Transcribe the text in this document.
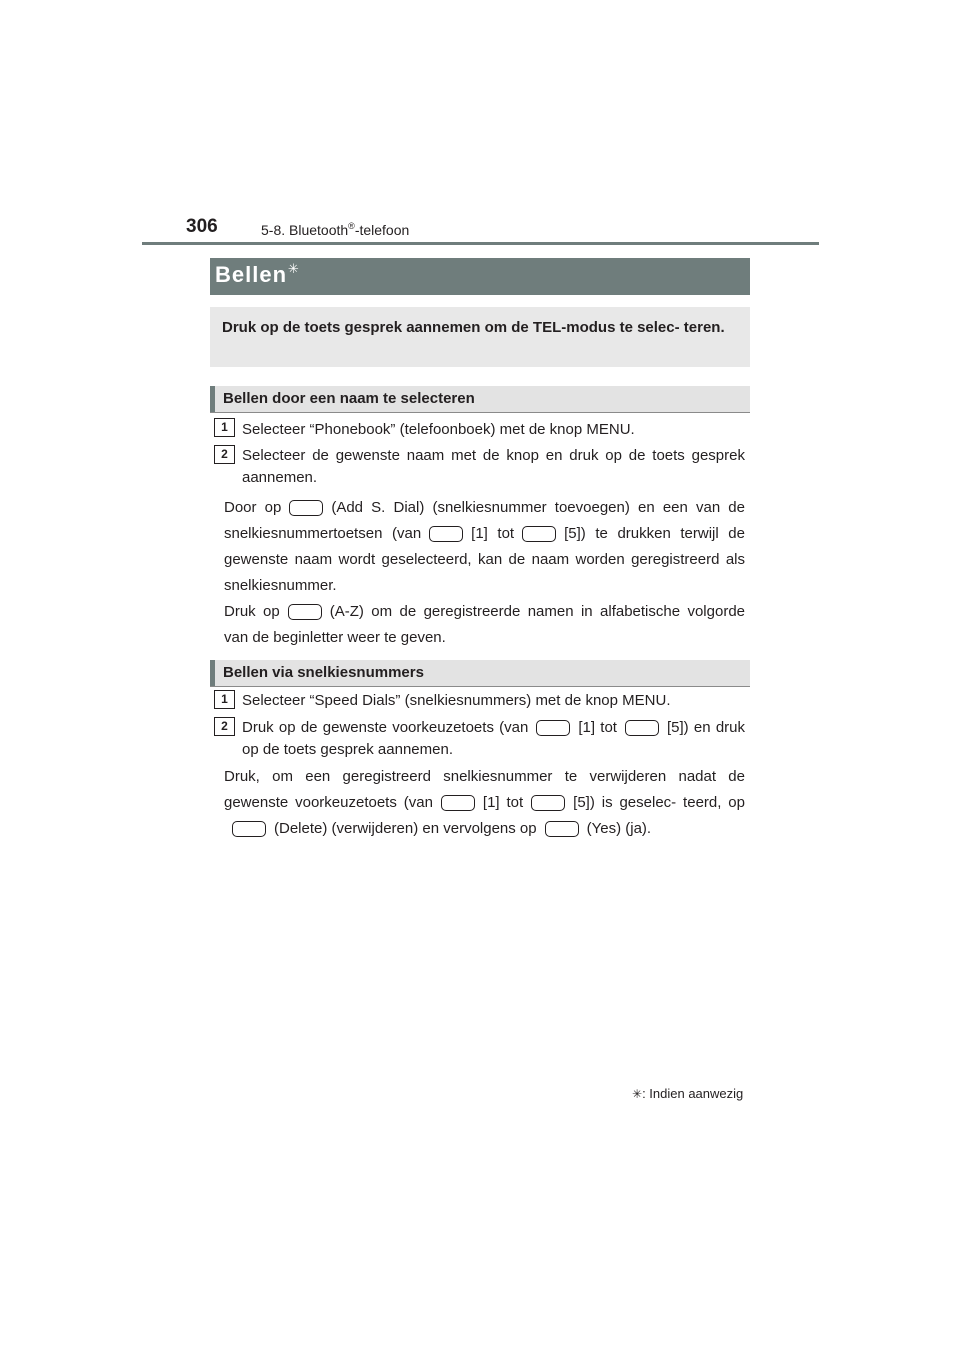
306	5-8. Bluetooth®-telefoon
Bellen✳
Druk op de toets gesprek aannemen om de TEL-modus te selec- teren.
Bellen door een naam te selecteren
1 Selecteer “Phonebook” (telefoonboek) met de knop MENU.
2 Selecteer de gewenste naam met de knop en druk op de toets gesprek aannemen.
Door op	(Add S. Dial) (snelkiesnummer toevoegen) en een van de snelkiesnummertoetsen (van	[1] tot	[5]) te drukken terwijl de gewenste naam wordt geselecteerd, kan de naam worden geregistreerd als snelkiesnummer.
Druk op	(A-Z) om de geregistreerde namen in alfabetische volgorde van de beginletter weer te geven.
Bellen via snelkiesnummers
1 Selecteer “Speed Dials” (snelkiesnummers) met de knop MENU.
2 Druk op de gewenste voorkeuzetoets (van	[1] tot	[5]) en druk op de toets gesprek aannemen.
Druk, om een geregistreerd snelkiesnummer te verwijderen nadat de gewenste voorkeuzetoets (van	[1] tot	[5]) is geselec- teerd, op(Delete) (verwijderen) en vervolgens op	(Yes) (ja).
✳: Indien aanwezig
